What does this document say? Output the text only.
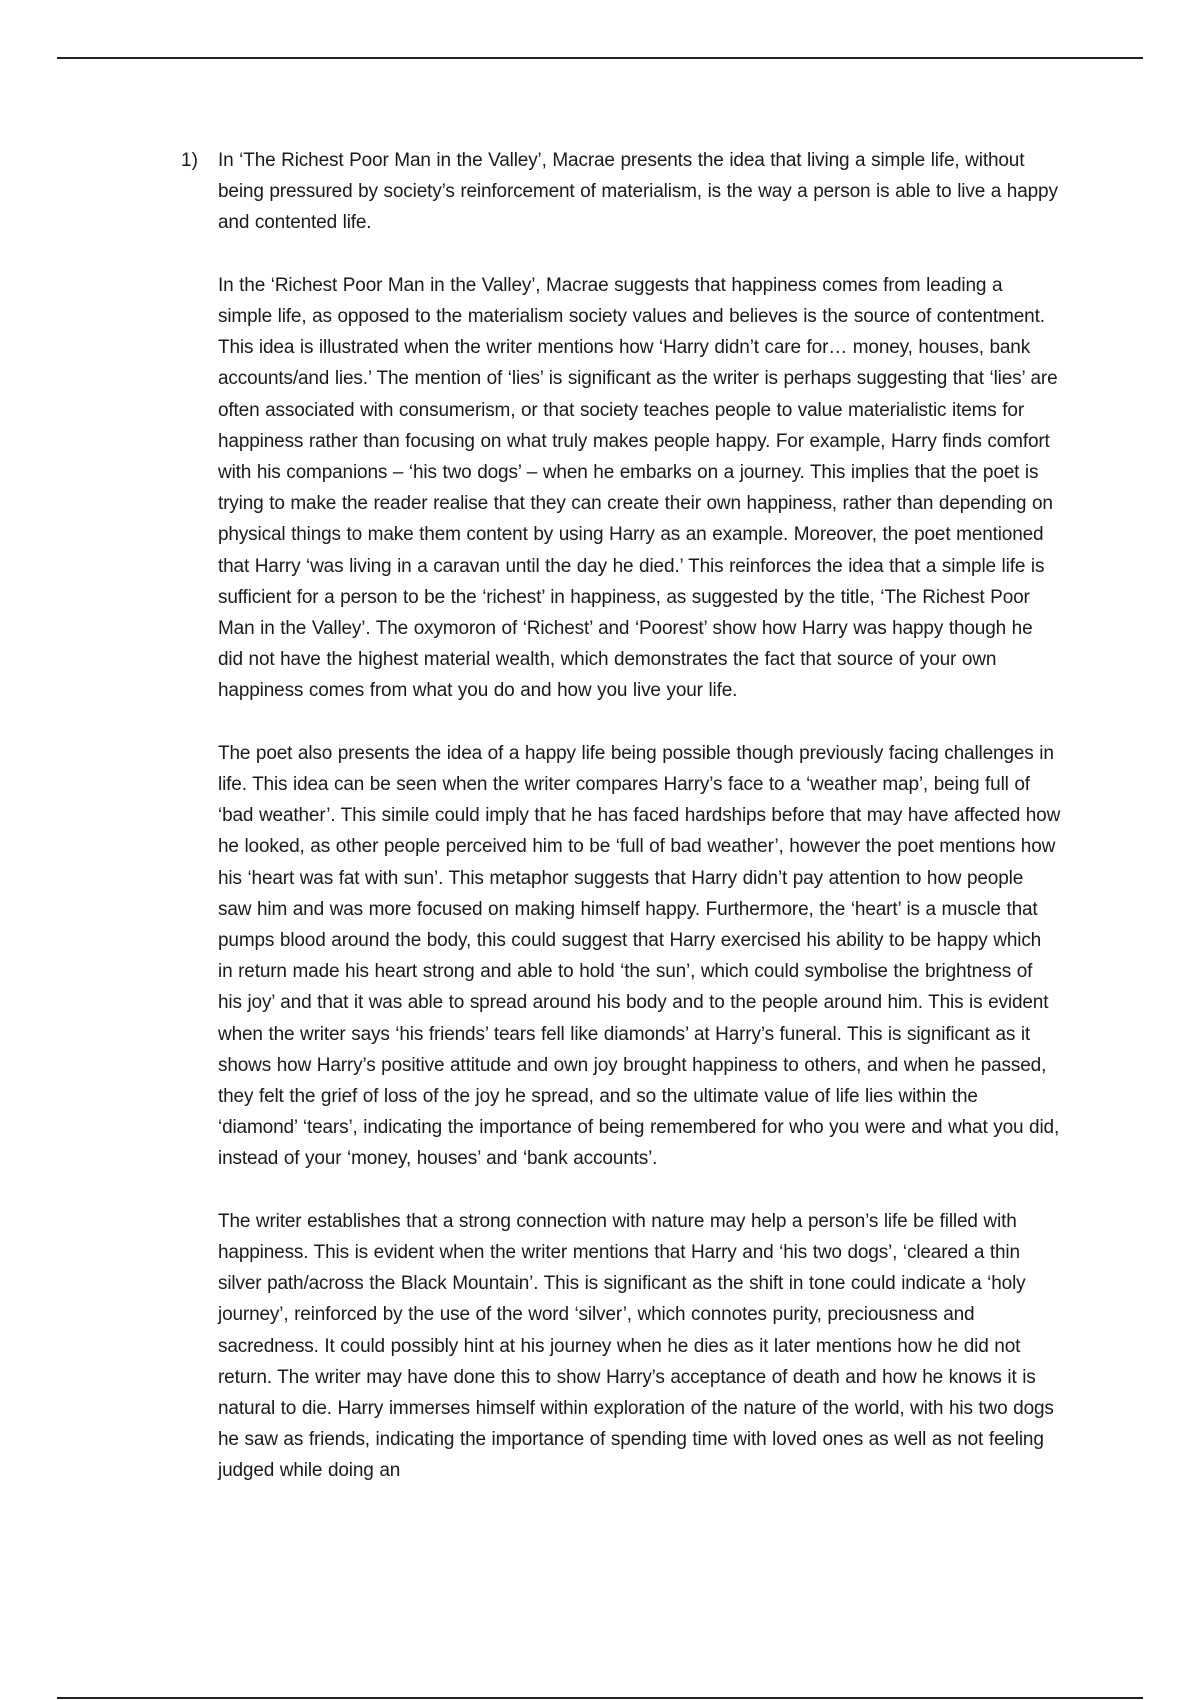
1) In ‘The Richest Poor Man in the Valley’, Macrae presents the idea that living a simple life, without being pressured by society’s reinforcement of materialism, is the way a person is able to live a happy and contented life.

In the ‘Richest Poor Man in the Valley’, Macrae suggests that happiness comes from leading a simple life, as opposed to the materialism society values and believes is the source of contentment. This idea is illustrated when the writer mentions how ‘Harry didn’t care for… money, houses, bank accounts/and lies.’ The mention of ‘lies’ is significant as the writer is perhaps suggesting that ‘lies’ are often associated with consumerism, or that society teaches people to value materialistic items for happiness rather than focusing on what truly makes people happy. For example, Harry finds comfort with his companions – ‘his two dogs’ – when he embarks on a journey. This implies that the poet is trying to make the reader realise that they can create their own happiness, rather than depending on physical things to make them content by using Harry as an example. Moreover, the poet mentioned that Harry ‘was living in a caravan until the day he died.’ This reinforces the idea that a simple life is sufficient for a person to be the ‘richest’ in happiness, as suggested by the title, ‘The Richest Poor Man in the Valley’. The oxymoron of ‘Richest’ and ‘Poorest’ show how Harry was happy though he did not have the highest material wealth, which demonstrates the fact that source of your own happiness comes from what you do and how you live your life.

The poet also presents the idea of a happy life being possible though previously facing challenges in life. This idea can be seen when the writer compares Harry’s face to a ‘weather map’, being full of ‘bad weather’. This simile could imply that he has faced hardships before that may have affected how he looked, as other people perceived him to be ‘full of bad weather’, however the poet mentions how his ‘heart was fat with sun’. This metaphor suggests that Harry didn’t pay attention to how people saw him and was more focused on making himself happy. Furthermore, the ‘heart’ is a muscle that pumps blood around the body, this could suggest that Harry exercised his ability to be happy which in return made his heart strong and able to hold ‘the sun’, which could symbolise the brightness of his joy’ and that it was able to spread around his body and to the people around him. This is evident when the writer says ‘his friends’ tears fell like diamonds’ at Harry’s funeral. This is significant as it shows how Harry’s positive attitude and own joy brought happiness to others, and when he passed, they felt the grief of loss of the joy he spread, and so the ultimate value of life lies within the ‘diamond’ ‘tears’, indicating the importance of being remembered for who you were and what you did, instead of your ‘money, houses’ and ‘bank accounts’.

The writer establishes that a strong connection with nature may help a person’s life be filled with happiness. This is evident when the writer mentions that Harry and ‘his two dogs’, ‘cleared a thin silver path/across the Black Mountain’. This is significant as the shift in tone could indicate a ‘holy journey’, reinforced by the use of the word ‘silver’, which connotes purity, preciousness and sacredness. It could possibly hint at his journey when he dies as it later mentions how he did not return. The writer may have done this to show Harry’s acceptance of death and how he knows it is natural to die. Harry immerses himself within exploration of the nature of the world, with his two dogs he saw as friends, indicating the importance of spending time with loved ones as well as not feeling judged while doing an
